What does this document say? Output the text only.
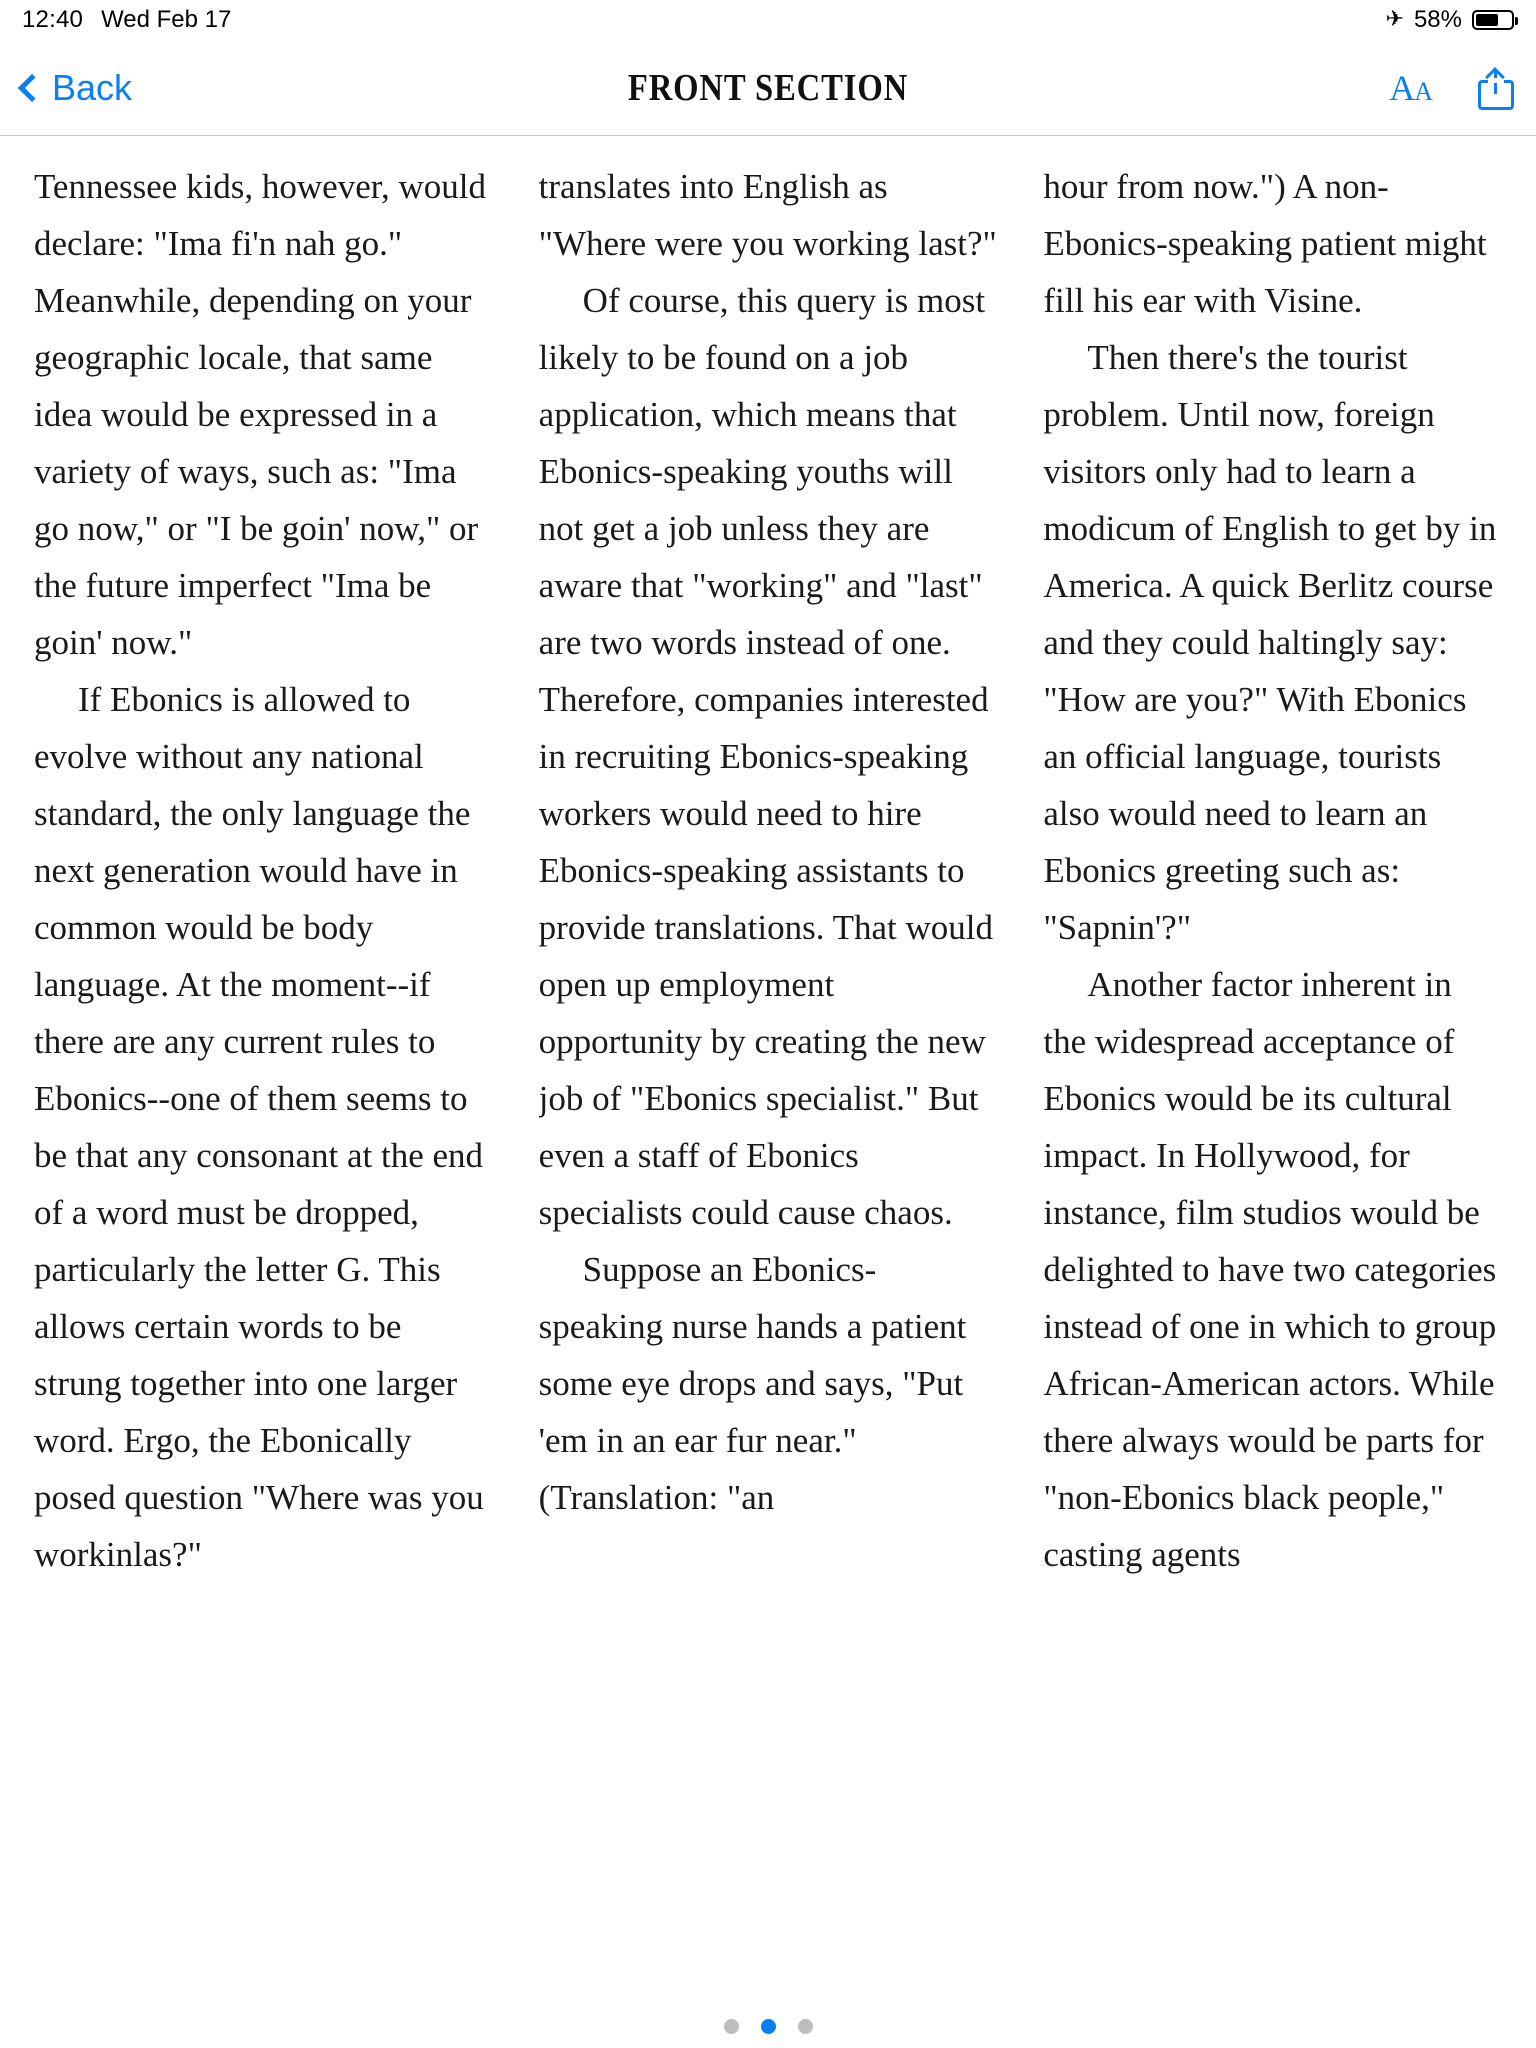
12:40 Wed Feb 17	✈ 58%
Back	FRONT SECTION	AA

Tennessee kids, however, would declare: "Ima fi'n nah go." Meanwhile, depending on your geographic locale, that same idea would be expressed in a variety of ways, such as: "Ima go now," or "I be goin' now," or the future imperfect "Ima be goin' now."

If Ebonics is allowed to evolve without any national standard, the only language the next generation would have in common would be body language. At the moment--if there are any current rules to Ebonics--one of them seems to be that any consonant at the end of a word must be dropped, particularly the letter G. This allows certain words to be strung together into one larger word. Ergo, the Ebonically posed question "Where was you workinlas?"

translates into English as "Where were you working last?"

Of course, this query is most likely to be found on a job application, which means that Ebonics-speaking youths will not get a job unless they are aware that "working" and "last" are two words instead of one. Therefore, companies interested in recruiting Ebonics-speaking workers would need to hire Ebonics-speaking assistants to provide translations. That would open up employment opportunity by creating the new job of "Ebonics specialist." But even a staff of Ebonics specialists could cause chaos.

Suppose an Ebonics-speaking nurse hands a patient some eye drops and says, "Put 'em in an ear fur near." (Translation: "an

hour from now.") A non-Ebonics-speaking patient might fill his ear with Visine.

Then there's the tourist problem. Until now, foreign visitors only had to learn a modicum of English to get by in America. A quick Berlitz course and they could haltingly say: "How are you?" With Ebonics an official language, tourists also would need to learn an Ebonics greeting such as: "Sapnin'?"

Another factor inherent in the widespread acceptance of Ebonics would be its cultural impact. In Hollywood, for instance, film studios would be delighted to have two categories instead of one in which to group African-American actors. While there always would be parts for "non-Ebonics black people," casting agents
